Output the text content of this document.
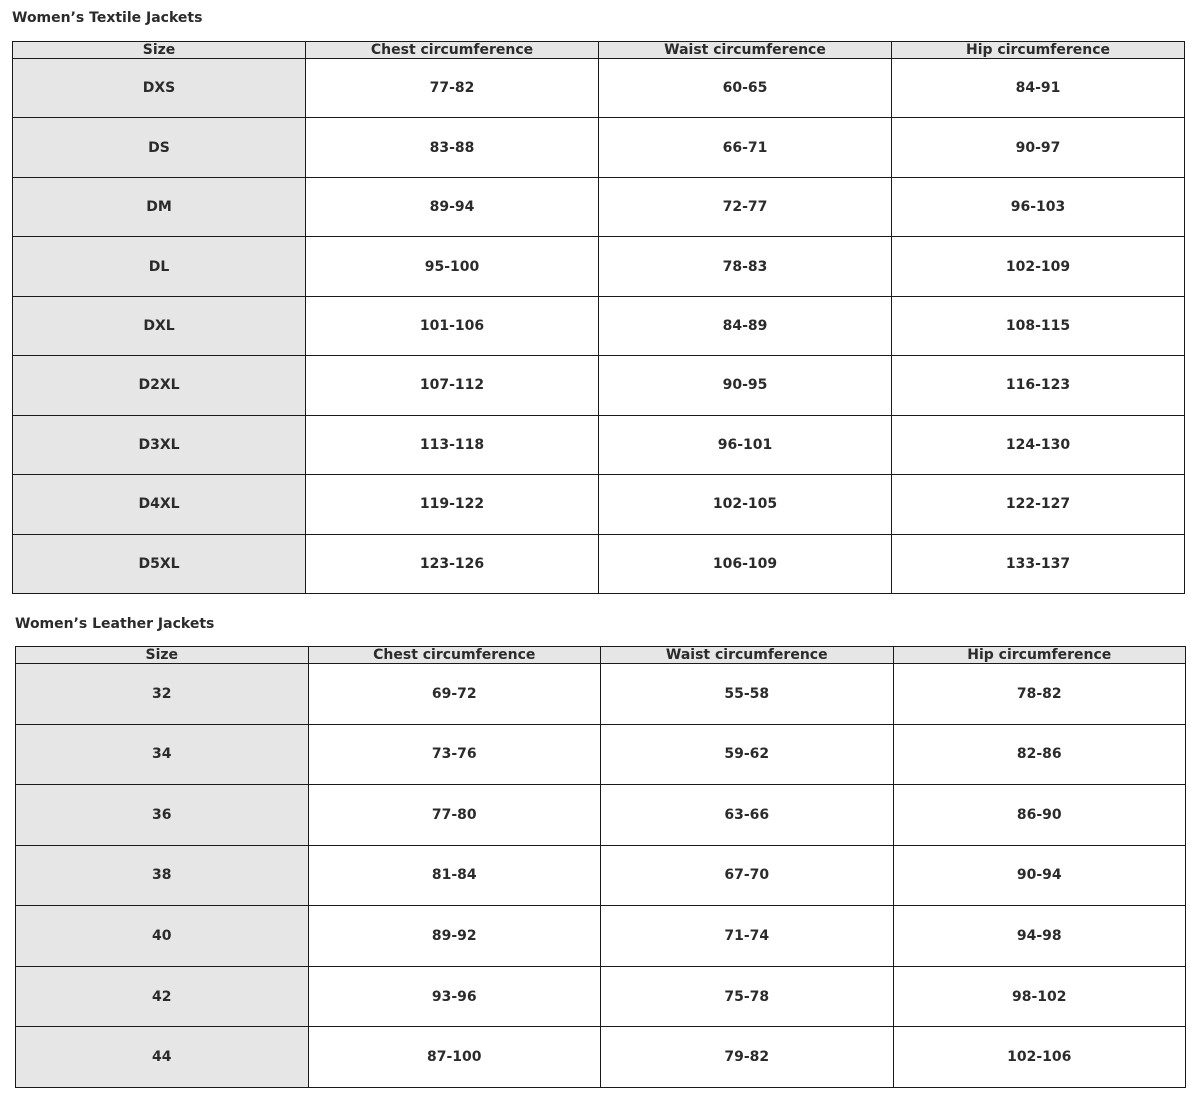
Women’s Textile Jackets
Size	Chest circumference	Waist circumference	Hip circumference
DXS	77-82	60-65	84-91
DS	83-88	66-71	90-97
DM	89-94	72-77	96-103
DL	95-100	78-83	102-109
DXL	101-106	84-89	108-115
D2XL	107-112	90-95	116-123
D3XL	113-118	96-101	124-130
D4XL	119-122	102-105	122-127
D5XL	123-126	106-109	133-137
Women’s Leather Jackets
Size	Chest circumference	Waist circumference	Hip circumference
32	69-72	55-58	78-82
34	73-76	59-62	82-86
36	77-80	63-66	86-90
38	81-84	67-70	90-94
40	89-92	71-74	94-98
42	93-96	75-78	98-102
44	87-100	79-82	102-106
